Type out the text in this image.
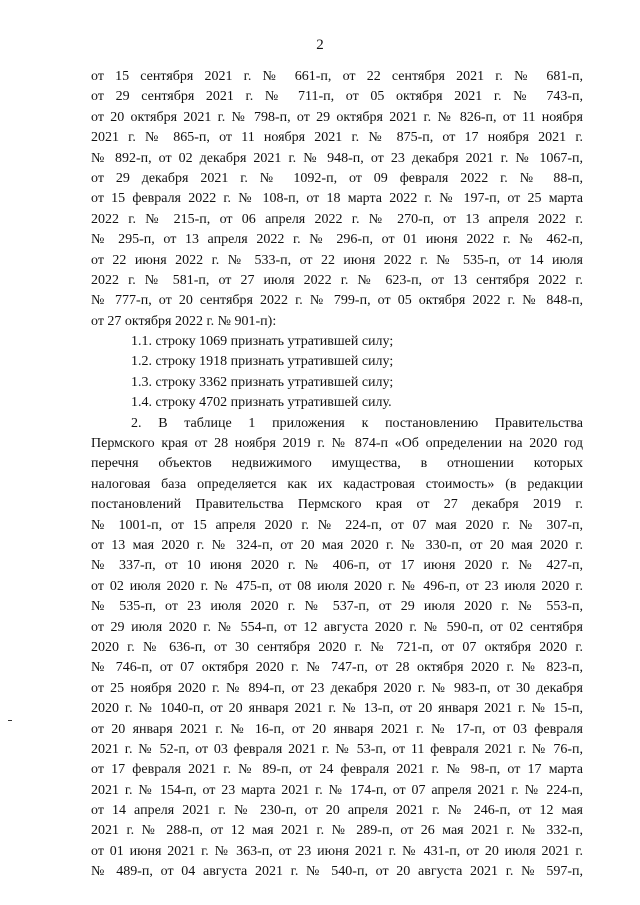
2
от 15 сентября 2021 г. № 661-п, от 22 сентября 2021 г. № 681-п,
от 29 сентября 2021 г. № 711-п, от 05 октября 2021 г. № 743-п,
от 20 октября 2021 г. № 798-п, от 29 октября 2021 г. № 826-п, от 11 ноября
2021 г. № 865-п, от 11 ноября 2021 г. № 875-п, от 17 ноября 2021 г.
№ 892-п, от 02 декабря 2021 г. № 948-п, от 23 декабря 2021 г. № 1067-п,
от 29 декабря 2021 г. № 1092-п, от 09 февраля 2022 г. № 88-п,
от 15 февраля 2022 г. № 108-п, от 18 марта 2022 г. № 197-п, от 25 марта
2022 г. № 215-п, от 06 апреля 2022 г. № 270-п, от 13 апреля 2022 г.
№ 295-п, от 13 апреля 2022 г. № 296-п, от 01 июня 2022 г. № 462-п,
от 22 июня 2022 г. № 533-п, от 22 июня 2022 г. № 535-п, от 14 июля
2022 г. № 581-п, от 27 июля 2022 г. № 623-п, от 13 сентября 2022 г.
№ 777-п, от 20 сентября 2022 г. № 799-п, от 05 октября 2022 г. № 848-п,
от 27 октября 2022 г. № 901-п):
1.1. строку 1069 признать утратившей силу;
1.2. строку 1918 признать утратившей силу;
1.3. строку 3362 признать утратившей силу;
1.4. строку 4702 признать утратившей силу.
2. В таблице 1 приложения к постановлению Правительства
Пермского края от 28 ноября 2019 г. № 874-п «Об определении на 2020 год
перечня объектов недвижимого имущества, в отношении которых
налоговая база определяется как их кадастровая стоимость» (в редакции
постановлений Правительства Пермского края от 27 декабря 2019 г.
№ 1001-п, от 15 апреля 2020 г. № 224-п, от 07 мая 2020 г. № 307-п,
от 13 мая 2020 г. № 324-п, от 20 мая 2020 г. № 330-п, от 20 мая 2020 г.
№ 337-п, от 10 июня 2020 г. № 406-п, от 17 июня 2020 г. № 427-п,
от 02 июля 2020 г. № 475-п, от 08 июля 2020 г. № 496-п, от 23 июля 2020 г.
№ 535-п, от 23 июля 2020 г. № 537-п, от 29 июля 2020 г. № 553-п,
от 29 июля 2020 г. № 554-п, от 12 августа 2020 г. № 590-п, от 02 сентября
2020 г. № 636-п, от 30 сентября 2020 г. № 721-п, от 07 октября 2020 г.
№ 746-п, от 07 октября 2020 г. № 747-п, от 28 октября 2020 г. № 823-п,
от 25 ноября 2020 г. № 894-п, от 23 декабря 2020 г. № 983-п, от 30 декабря
2020 г. № 1040-п, от 20 января 2021 г. № 13-п, от 20 января 2021 г. № 15-п,
от 20 января 2021 г. № 16-п, от 20 января 2021 г. № 17-п, от 03 февраля
2021 г. № 52-п, от 03 февраля 2021 г. № 53-п, от 11 февраля 2021 г. № 76-п,
от 17 февраля 2021 г. № 89-п, от 24 февраля 2021 г. № 98-п, от 17 марта
2021 г. № 154-п, от 23 марта 2021 г. № 174-п, от 07 апреля 2021 г. № 224-п,
от 14 апреля 2021 г. № 230-п, от 20 апреля 2021 г. № 246-п, от 12 мая
2021 г. № 288-п, от 12 мая 2021 г. № 289-п, от 26 мая 2021 г. № 332-п,
от 01 июня 2021 г. № 363-п, от 23 июня 2021 г. № 431-п, от 20 июля 2021 г.
№ 489-п, от 04 августа 2021 г. № 540-п, от 20 августа 2021 г. № 597-п,
